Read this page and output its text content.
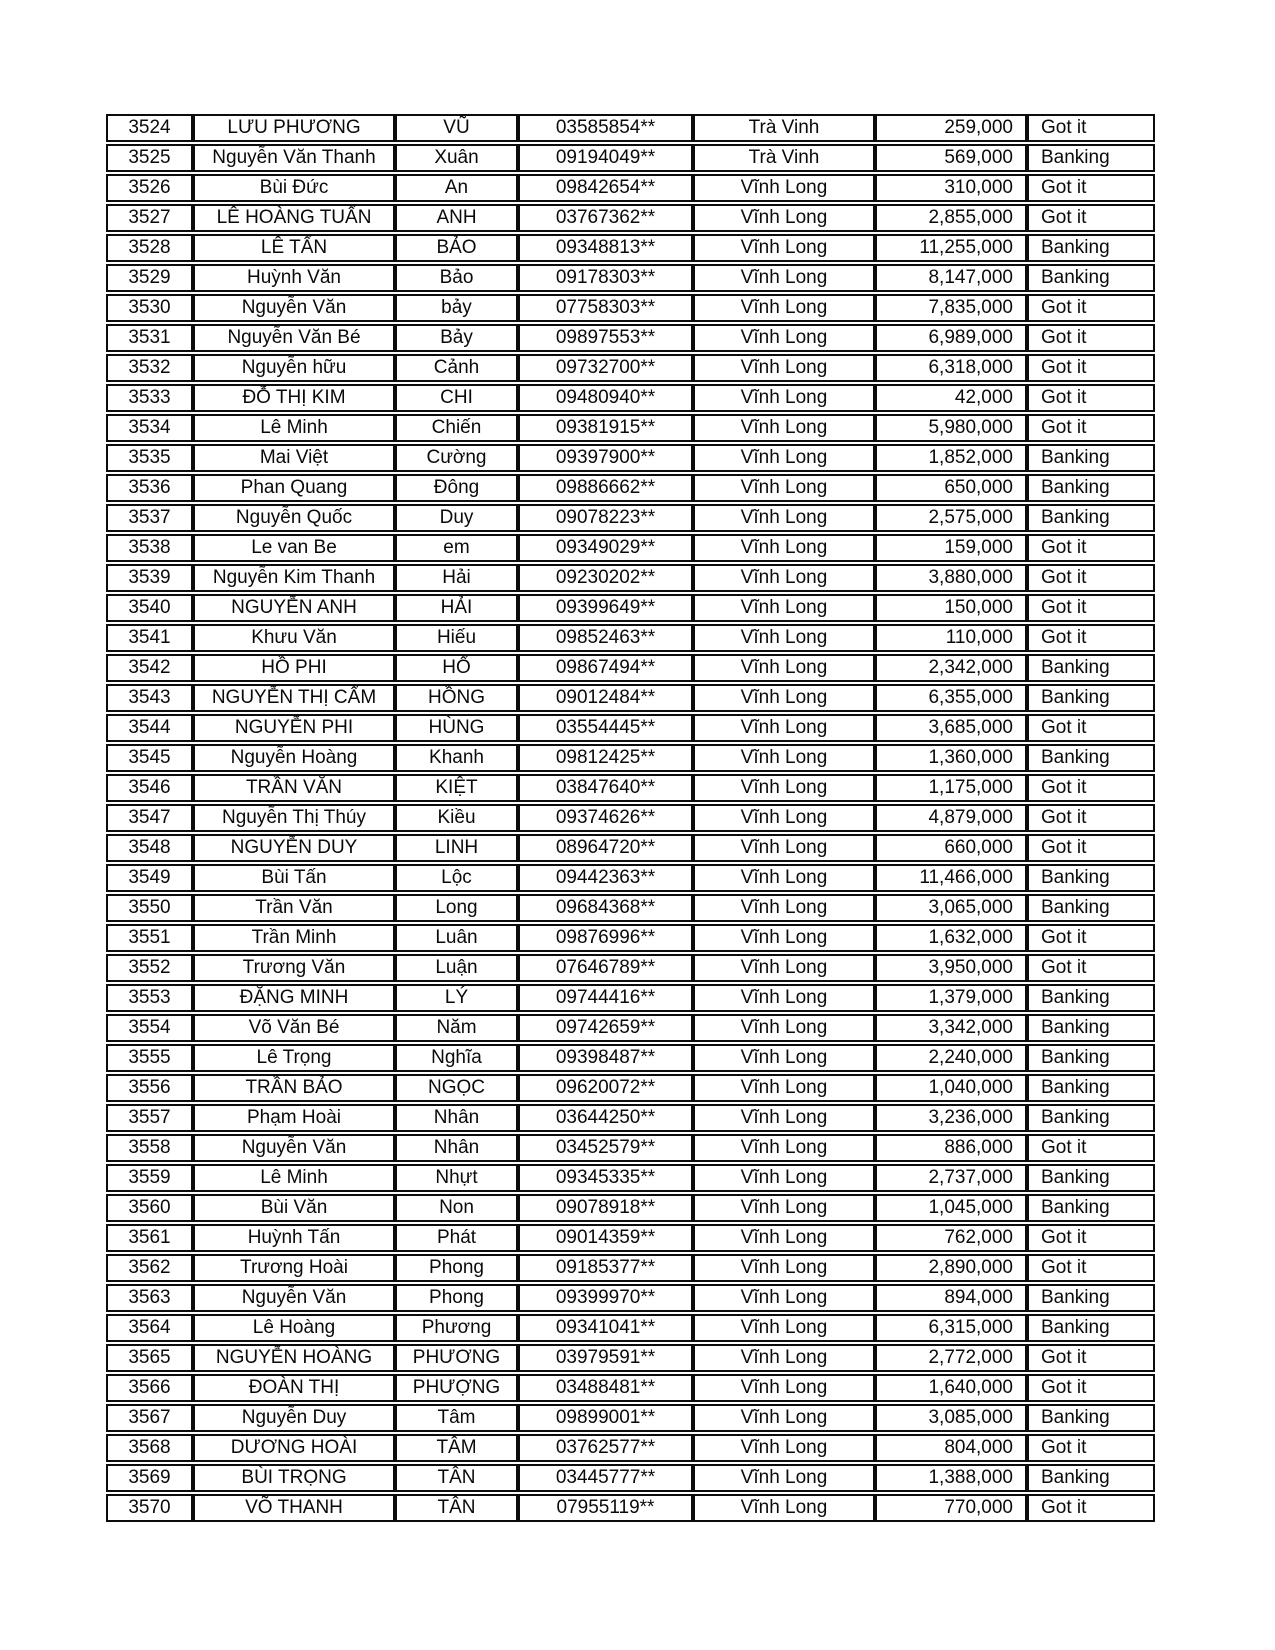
3524	LƯU PHƯƠNG	VŨ	03585854**	Trà Vinh	259,000	Got it
3525	Nguyễn Văn Thanh	Xuân	09194049**	Trà Vinh	569,000	Banking
3526	Bùi Đức	An	09842654**	Vĩnh Long	310,000	Got it
3527	LÊ HOÀNG TUẤN	ANH	03767362**	Vĩnh Long	2,855,000	Got it
3528	LÊ TẤN	BẢO	09348813**	Vĩnh Long	11,255,000	Banking
3529	Huỳnh Văn	Bảo	09178303**	Vĩnh Long	8,147,000	Banking
3530	Nguyễn Văn	bảy	07758303**	Vĩnh Long	7,835,000	Got it
3531	Nguyễn Văn Bé	Bảy	09897553**	Vĩnh Long	6,989,000	Got it
3532	Nguyễn hữu	Cảnh	09732700**	Vĩnh Long	6,318,000	Got it
3533	ĐỖ THỊ KIM	CHI	09480940**	Vĩnh Long	42,000	Got it
3534	Lê Minh	Chiến	09381915**	Vĩnh Long	5,980,000	Got it
3535	Mai Việt	Cường	09397900**	Vĩnh Long	1,852,000	Banking
3536	Phan Quang	Đông	09886662**	Vĩnh Long	650,000	Banking
3537	Nguyễn Quốc	Duy	09078223**	Vĩnh Long	2,575,000	Banking
3538	Le van Be	em	09349029**	Vĩnh Long	159,000	Got it
3539	Nguyễn Kim Thanh	Hải	09230202**	Vĩnh Long	3,880,000	Got it
3540	NGUYỄN ANH	HẢI	09399649**	Vĩnh Long	150,000	Got it
3541	Khưu Văn	Hiếu	09852463**	Vĩnh Long	110,000	Got it
3542	HỒ PHI	HỔ	09867494**	Vĩnh Long	2,342,000	Banking
3543	NGUYỄN THỊ CẨM	HỒNG	09012484**	Vĩnh Long	6,355,000	Banking
3544	NGUYỄN PHI	HÙNG	03554445**	Vĩnh Long	3,685,000	Got it
3545	Nguyễn Hoàng	Khanh	09812425**	Vĩnh Long	1,360,000	Banking
3546	TRẦN VĂN	KIỆT	03847640**	Vĩnh Long	1,175,000	Got it
3547	Nguyễn Thị Thúy	Kiều	09374626**	Vĩnh Long	4,879,000	Got it
3548	NGUYỄN DUY	LINH	08964720**	Vĩnh Long	660,000	Got it
3549	Bùi Tấn	Lộc	09442363**	Vĩnh Long	11,466,000	Banking
3550	Trần Văn	Long	09684368**	Vĩnh Long	3,065,000	Banking
3551	Trần Minh	Luân	09876996**	Vĩnh Long	1,632,000	Got it
3552	Trương Văn	Luận	07646789**	Vĩnh Long	3,950,000	Got it
3553	ĐẶNG MINH	LÝ	09744416**	Vĩnh Long	1,379,000	Banking
3554	Võ Văn Bé	Năm	09742659**	Vĩnh Long	3,342,000	Banking
3555	Lê Trọng	Nghĩa	09398487**	Vĩnh Long	2,240,000	Banking
3556	TRẦN BẢO	NGỌC	09620072**	Vĩnh Long	1,040,000	Banking
3557	Phạm Hoài	Nhân	03644250**	Vĩnh Long	3,236,000	Banking
3558	Nguyễn Văn	Nhân	03452579**	Vĩnh Long	886,000	Got it
3559	Lê Minh	Nhựt	09345335**	Vĩnh Long	2,737,000	Banking
3560	Bùi Văn	Non	09078918**	Vĩnh Long	1,045,000	Banking
3561	Huỳnh Tấn	Phát	09014359**	Vĩnh Long	762,000	Got it
3562	Trương Hoài	Phong	09185377**	Vĩnh Long	2,890,000	Got it
3563	Nguyễn Văn	Phong	09399970**	Vĩnh Long	894,000	Banking
3564	Lê Hoàng	Phương	09341041**	Vĩnh Long	6,315,000	Banking
3565	NGUYỄN HOÀNG	PHƯƠNG	03979591**	Vĩnh Long	2,772,000	Got it
3566	ĐOÀN THỊ	PHƯỢNG	03488481**	Vĩnh Long	1,640,000	Got it
3567	Nguyễn Duy	Tâm	09899001**	Vĩnh Long	3,085,000	Banking
3568	DƯƠNG HOÀI	TÂM	03762577**	Vĩnh Long	804,000	Got it
3569	BÙI TRỌNG	TÂN	03445777**	Vĩnh Long	1,388,000	Banking
3570	VÕ THANH	TÂN	07955119**	Vĩnh Long	770,000	Got it
